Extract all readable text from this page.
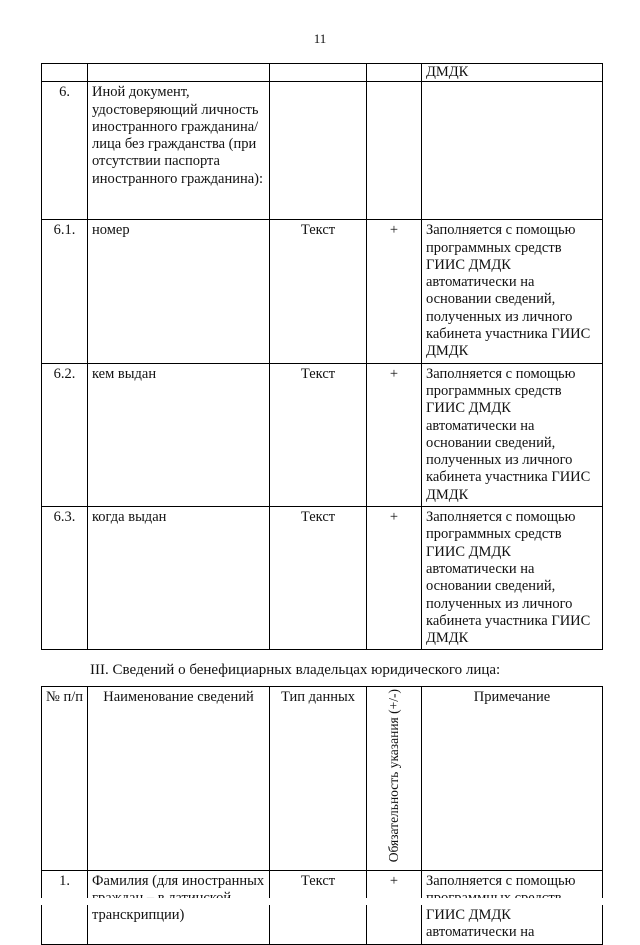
11
				ДМДК
6.	Иной документ, удостоверяющий личность иностранного гражданина/лица без гражданства (при отсутствии паспорта иностранного гражданина):			
6.1.	номер	Текст	+	Заполняется с помощью программных средств ГИИС ДМДК автоматически на основании сведений, полученных из личного кабинета участника ГИИС ДМДК
6.2.	кем выдан	Текст	+	Заполняется с помощью программных средств ГИИС ДМДК автоматически на основании сведений, полученных из личного кабинета участника ГИИС ДМДК
6.3.	когда выдан	Текст	+	Заполняется с помощью программных средств ГИИС ДМДК автоматически на основании сведений, полученных из личного кабинета участника ГИИС ДМДК
III. Сведений о бенефициарных владельцах юридического лица:
№ п/п	Наименование сведений	Тип данных	Обязательность указания (+/-)	Примечание
1.	Фамилия (для иностранных транскрипции)	Текст	+	Заполняется с помощью ГИИС ДМДК автоматически на
